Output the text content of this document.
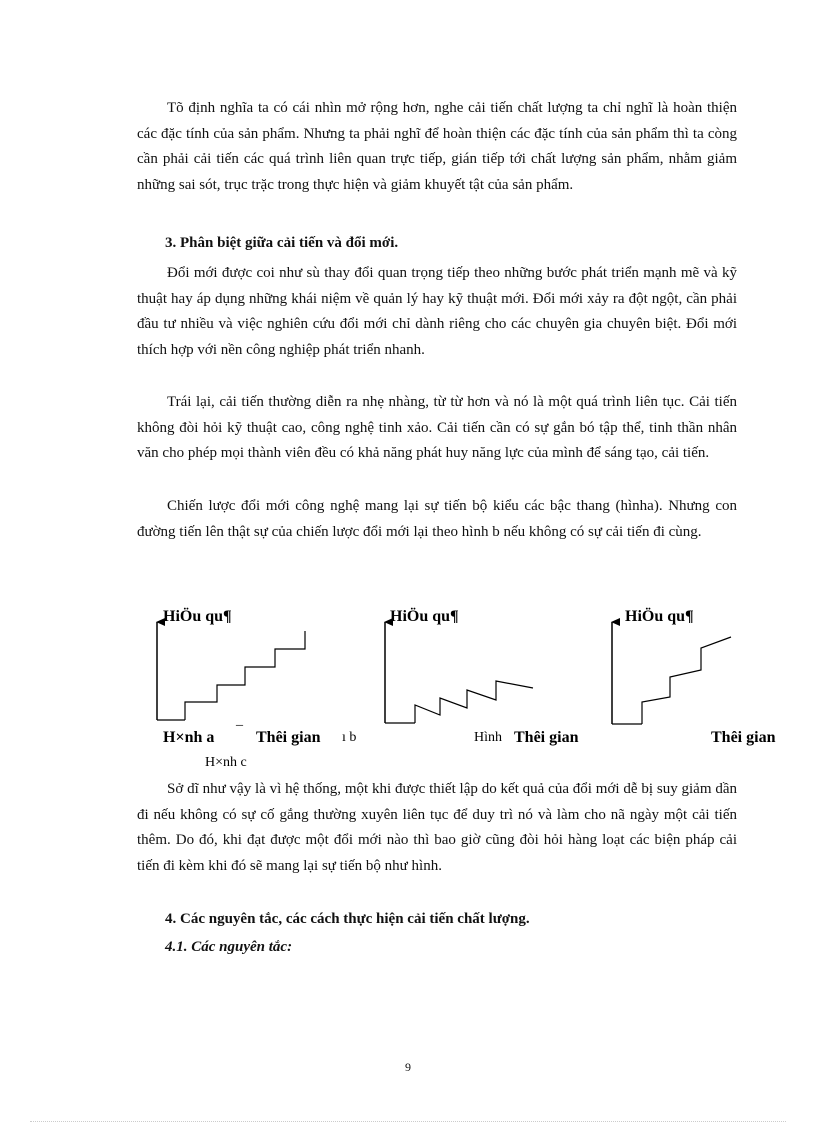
Tõ định nghĩa ta có cái nhìn mở rộng hơn, nghe cải tiến chất lượng ta chỉ nghĩ là hoàn thiện các đặc tính của sản phẩm. Nhưng ta phải nghĩ để hoàn thiện các đặc tính của sản phẩm thì ta còng cần phải cải tiến các quá trình liên quan trực tiếp, gián tiếp tới chất lượng sản phẩm, nhằm giảm những sai sót, trục trặc trong thực hiện và giảm khuyết tật của sản phẩm.

3. Phân biệt giữa cải tiến và đổi mới.

Đổi mới được coi như sù thay đổi quan trọng tiếp theo những bước phát triển mạnh mẽ và kỹ thuật hay áp dụng những khái niệm về quản lý hay kỹ thuật mới. Đổi mới xảy ra đột ngột, cần phải đầu tư nhiều và việc nghiên cứu đổi mới chỉ dành riêng cho các chuyên gia chuyên biệt. Đổi mới thích hợp với nền công nghiệp phát triển nhanh.

Trái lại, cải tiến thường diễn ra nhẹ nhàng, từ từ hơn và nó là một quá trình liên tục. Cải tiến không đòi hỏi kỹ thuật cao, công nghệ tinh xảo. Cải tiến cần có sự gắn bó tập thể, tinh thần nhân văn cho phép mọi thành viên đều có khả năng phát huy năng lực của mình để sáng tạo, cải tiến.

Chiến lược đổi mới công nghệ mang lại sự tiến bộ kiểu các bậc thang (hìnha). Nhưng con đường tiến lên thật sự của chiến lược đổi mới lại theo hình b nếu không có sự cải tiến đi cùng.

HiÖu qu¶
H×nh a
_
Thêi gian ı b
HiÖu qu¶
Hình Thêi gian
HiÖu qu¶
Thêi gian
H×nh c

Sở dĩ như vậy là vì hệ thống, một khi được thiết lập do kết quả của đổi mới dễ bị suy giảm dần đi nếu không có sự cố gắng thường xuyên liên tục để duy trì nó và làm cho nã ngày một cải tiến thêm. Do đó, khi đạt được một đổi mới nào thì bao giờ cũng đòi hỏi hàng loạt các biện pháp cải tiến đi kèm khi đó sẽ mang lại sự tiến bộ như hình.

4. Các nguyên tắc, các cách thực hiện cải tiến chất lượng.

4.1. Các nguyên tắc:

9
